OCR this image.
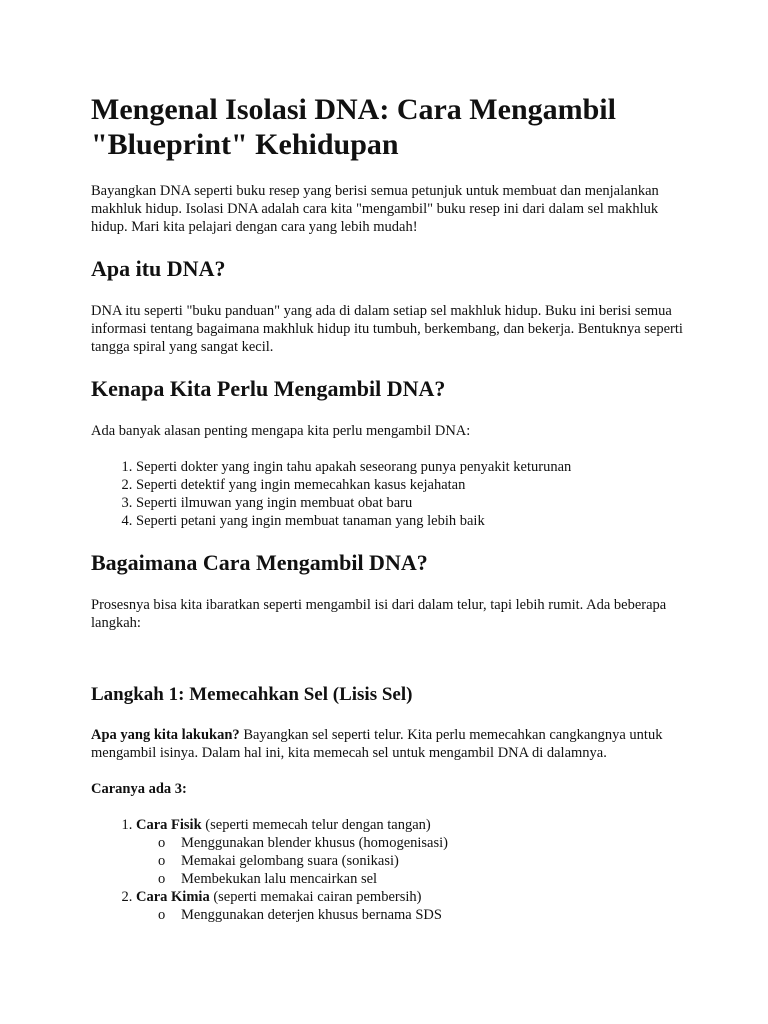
Mengenal Isolasi DNA: Cara Mengambil "Blueprint" Kehidupan

Bayangkan DNA seperti buku resep yang berisi semua petunjuk untuk membuat dan menjalankan makhluk hidup. Isolasi DNA adalah cara kita "mengambil" buku resep ini dari dalam sel makhluk hidup. Mari kita pelajari dengan cara yang lebih mudah!

Apa itu DNA?

DNA itu seperti "buku panduan" yang ada di dalam setiap sel makhluk hidup. Buku ini berisi semua informasi tentang bagaimana makhluk hidup itu tumbuh, berkembang, dan bekerja. Bentuknya seperti tangga spiral yang sangat kecil.

Kenapa Kita Perlu Mengambil DNA?

Ada banyak alasan penting mengapa kita perlu mengambil DNA:

1. Seperti dokter yang ingin tahu apakah seseorang punya penyakit keturunan
2. Seperti detektif yang ingin memecahkan kasus kejahatan
3. Seperti ilmuwan yang ingin membuat obat baru
4. Seperti petani yang ingin membuat tanaman yang lebih baik
Bagaimana Cara Mengambil DNA?

Prosesnya bisa kita ibaratkan seperti mengambil isi dari dalam telur, tapi lebih rumit. Ada beberapa langkah:

Langkah 1: Memecahkan Sel (Lisis Sel)

Apa yang kita lakukan? Bayangkan sel seperti telur. Kita perlu memecahkan cangkangnya untuk mengambil isinya. Dalam hal ini, kita memecah sel untuk mengambil DNA di dalamnya.

Caranya ada 3:

1. Cara Fisik (seperti memecah telur dengan tangan)
o Menggunakan blender khusus (homogenisasi)
o Memakai gelombang suara (sonikasi)
o Membekukan lalu mencairkan sel
2. Cara Kimia (seperti memakai cairan pembersih)
o Menggunakan deterjen khusus bernama SDS
